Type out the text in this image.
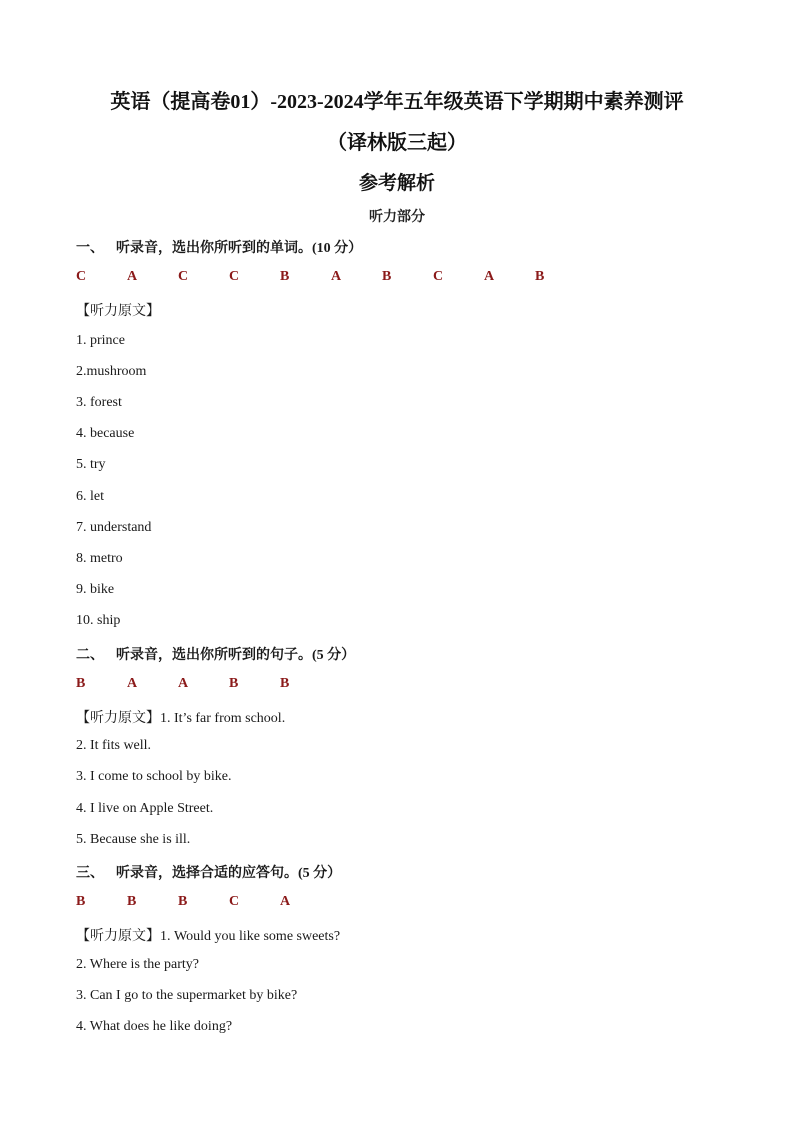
英语（提高卷01）-2023-2024学年五年级英语下学期期中素养测评
（译林版三起）
参考解析
听力部分
一、 听录音，选出你所听到的单词。(10 分）
C	A	C	C	B	A	B	C	A	B
【听力原文】
1. prince
2.mushroom
3. forest
4. because
5. try
6. let
7. understand
8. metro
9. bike
10. ship
二、 听录音，选出你所听到的句子。(5 分）
B	A	A	B	B
【听力原文】1. It’s far from school.
2. It fits well.
3. I come to school by bike.
4. I live on Apple Street.
5. Because she is ill.
三、 听录音，选择合适的应答句。(5 分）
B	B	B	C	A
【听力原文】1. Would you like some sweets?
2. Where is the party?
3. Can I go to the supermarket by bike?
4. What does he like doing?
